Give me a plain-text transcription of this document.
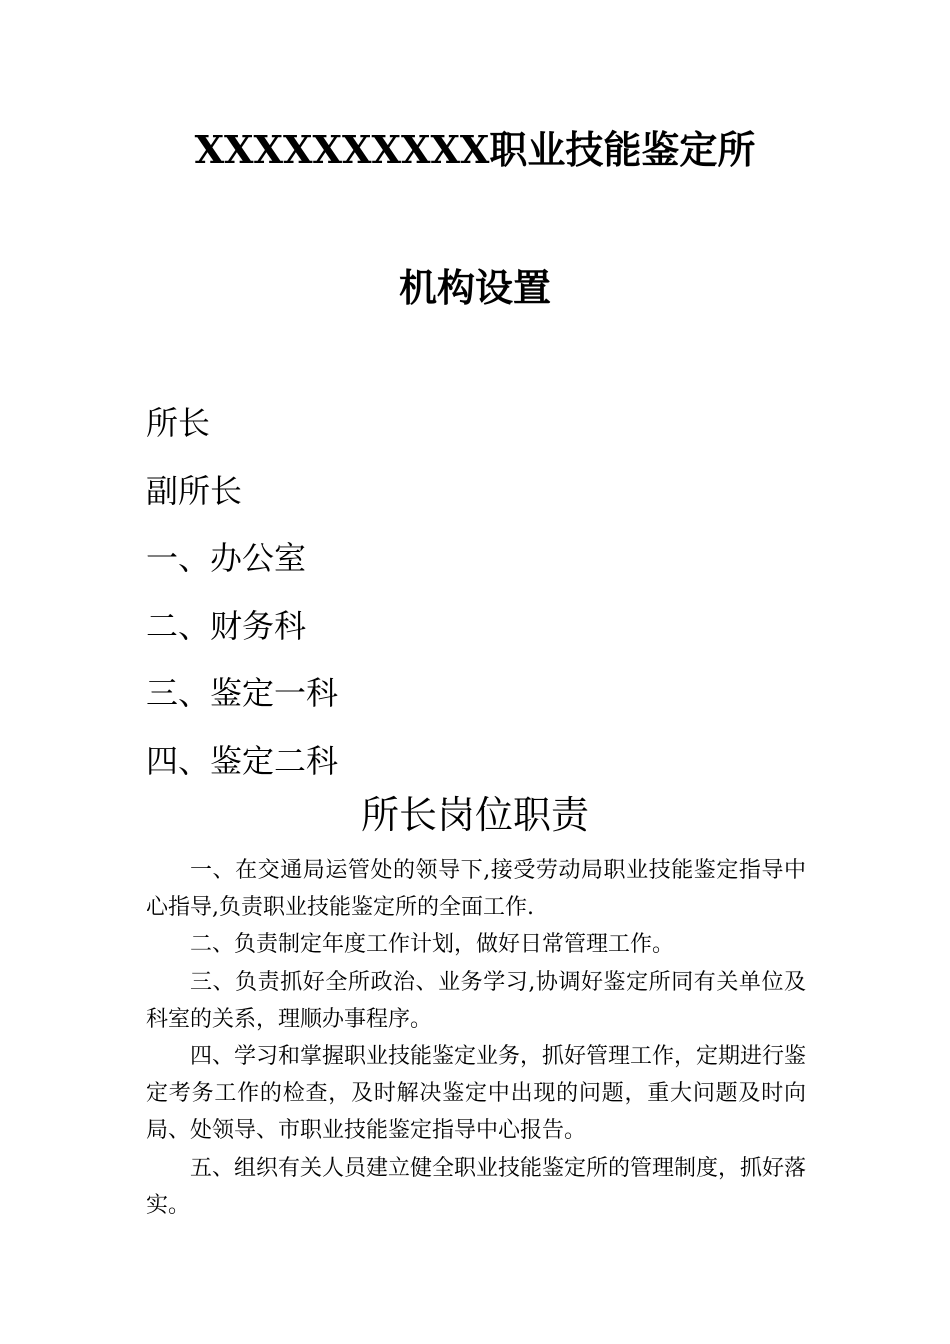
XXXXXXXXXX职业技能鉴定所
机构设置
所长
副所长
一、办公室
二、财务科
三、鉴定一科
四、鉴定二科
所长岗位职责

一、在交通局运管处的领导下,接受劳动局职业技能鉴定指导中心指导,负责职业技能鉴定所的全面工作.

二、负责制定年度工作计划，做好日常管理工作。

三、负责抓好全所政治、业务学习,协调好鉴定所同有关单位及科室的关系，理顺办事程序。

四、学习和掌握职业技能鉴定业务，抓好管理工作，定期进行鉴定考务工作的检查，及时解决鉴定中出现的问题，重大问题及时向局、处领导、市职业技能鉴定指导中心报告。

五、组织有关人员建立健全职业技能鉴定所的管理制度，抓好落实。
